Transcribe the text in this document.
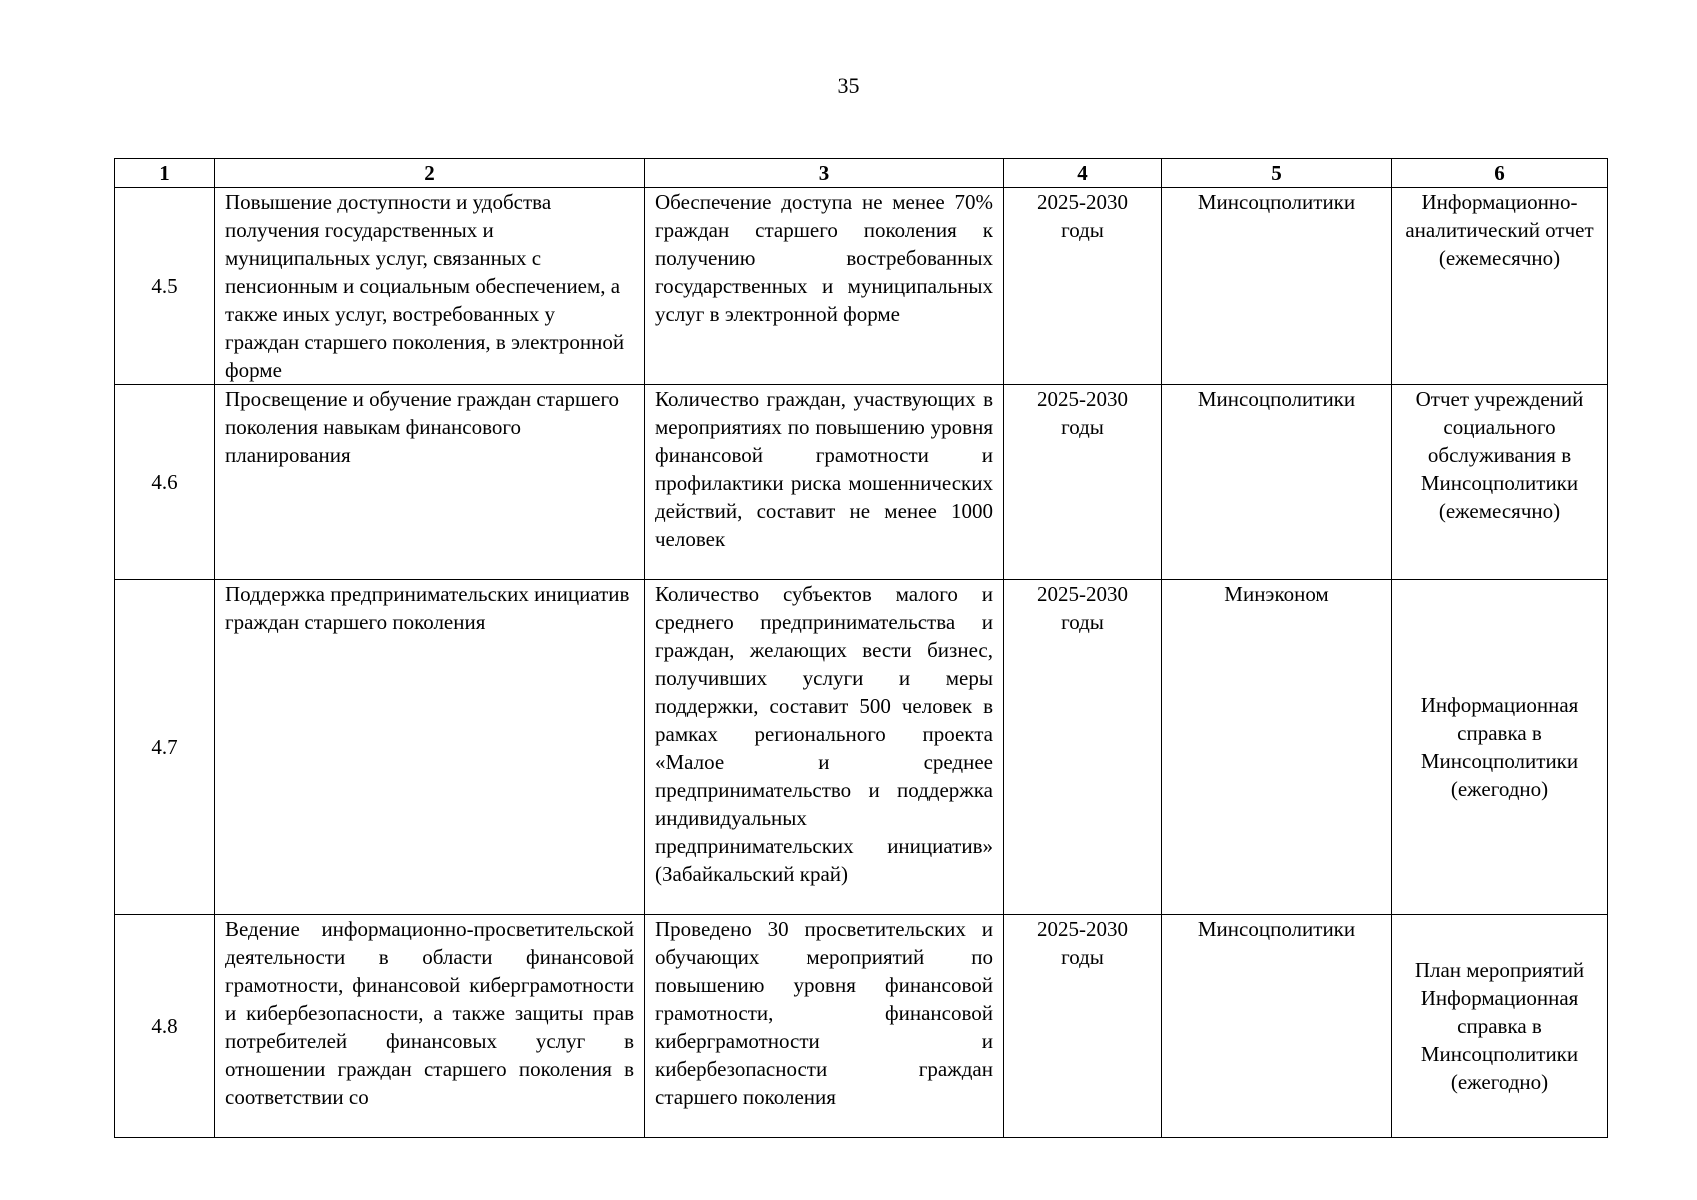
35
1	2	3	4	5	6
4.5	Повышение доступности и удобства получения государственных и муниципальных услуг, связанных с пенсионным и социальным обеспечением, а также иных услуг, востребованных у граждан старшего поколения, в электронной форме	Обеспечение доступа не менее 70% граждан старшего поколения к получению востребованных государственных и муниципальных услуг в электронной форме	2025-2030 годы	Минсоцполитики	Информационно-аналитический отчет (ежемесячно)
4.6	Просвещение и обучение граждан старшего поколения навыкам финансового планирования	Количество граждан, участвующих в мероприятиях по повышению уровня финансовой грамотности и профилактики риска мошеннических действий, составит не менее 1000 человек	2025-2030 годы	Минсоцполитики	Отчет учреждений социального обслуживания в Минсоцполитики (ежемесячно)
4.7	Поддержка предпринимательских инициатив граждан старшего поколения	Количество субъектов малого и среднего предпринимательства и граждан, желающих вести бизнес, получивших услуги и меры поддержки, составит 500 человек в рамках регионального проекта «Малое и среднее предпринимательство и поддержка индивидуальных предпринимательских инициатив» (Забайкальский край)	2025-2030 годы	Минэконом	Информационная справка в Минсоцполитики (ежегодно)
4.8	Ведение информационно-просветительской деятельности в области финансовой грамотности, финансовой киберграмотности и кибербезопасности, а также защиты прав потребителей финансовых услуг в отношении граждан старшего поколения в соответствии со	Проведено 30 просветительских и обучающих мероприятий по повышению уровня финансовой грамотности, финансовой киберграмотности и кибербезопасности граждан старшего поколения	2025-2030 годы	Минсоцполитики	План мероприятий Информационная справка в Минсоцполитики (ежегодно)
